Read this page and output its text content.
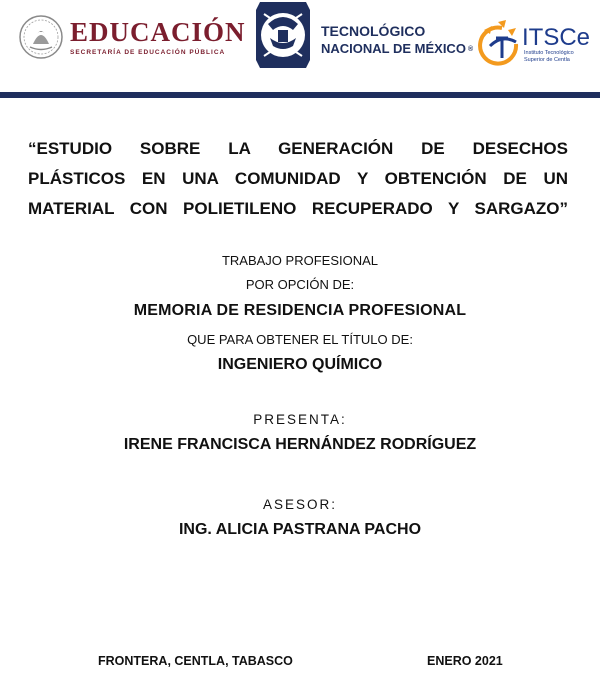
EDUCACIÓN
SECRETARÍA DE EDUCACIÓN PÚBLICA
TECNOLÓGICO
NACIONAL DE MÉXICO ® ITSCe
Instituto Tecnológico Superior de Centla
“ESTUDIO SOBRE LA GENERACIÓN DE DESECHOS
PLÁSTICOS EN UNA COMUNIDAD Y OBTENCIÓN DE UN
MATERIAL CON POLIETILENO RECUPERADO Y SARGAZO”
TRABAJO PROFESIONAL
POR OPCIÓN DE:
MEMORIA DE RESIDENCIA PROFESIONAL
QUE PARA OBTENER EL TÍTULO DE:
INGENIERO QUÍMICO
PRESENTA:
IRENE FRANCISCA HERNÁNDEZ RODRÍGUEZ
ASESOR:
ING. ALICIA PASTRANA PACHO
FRONTERA, CENTLA, TABASCO	ENERO 2021
